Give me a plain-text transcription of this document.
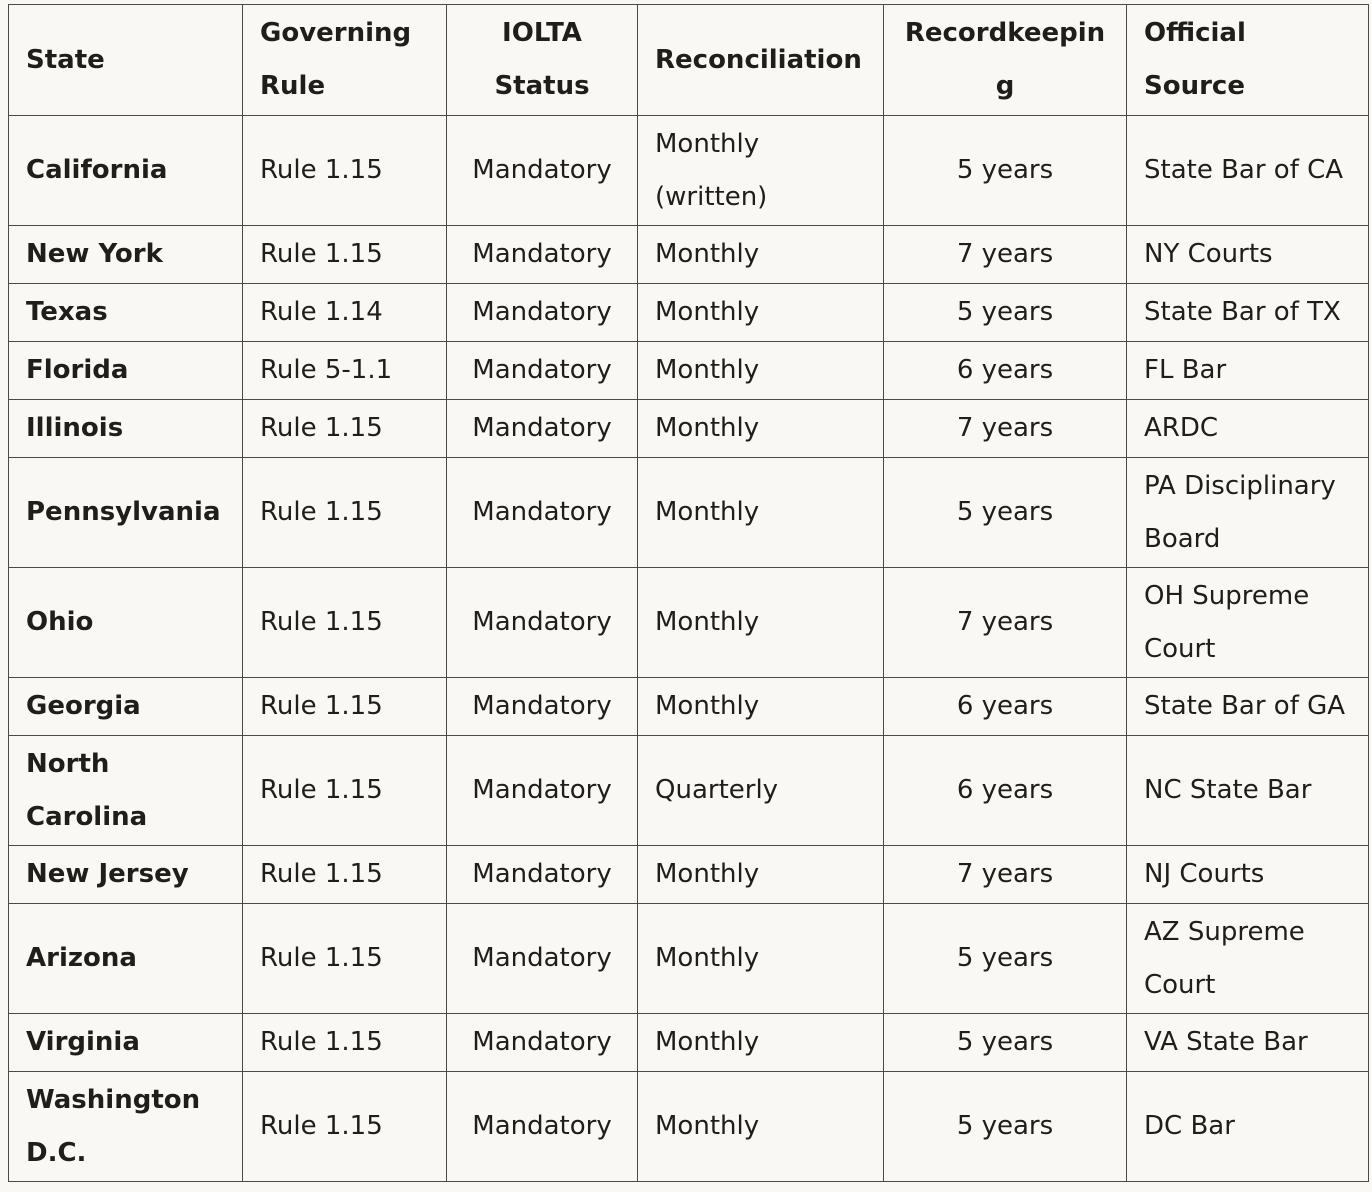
State	Governing Rule	IOLTA Status	Reconciliation	Recordkeeping	Official Source
California	Rule 1.15	Mandatory	Monthly (written)	5 years	State Bar of CA
New York	Rule 1.15	Mandatory	Monthly	7 years	NY Courts
Texas	Rule 1.14	Mandatory	Monthly	5 years	State Bar of TX
Florida	Rule 5-1.1	Mandatory	Monthly	6 years	FL Bar
Illinois	Rule 1.15	Mandatory	Monthly	7 years	ARDC
Pennsylvania	Rule 1.15	Mandatory	Monthly	5 years	PA Disciplinary Board
Ohio	Rule 1.15	Mandatory	Monthly	7 years	OH Supreme Court
Georgia	Rule 1.15	Mandatory	Monthly	6 years	State Bar of GA
North Carolina	Rule 1.15	Mandatory	Quarterly	6 years	NC State Bar
New Jersey	Rule 1.15	Mandatory	Monthly	7 years	NJ Courts
Arizona	Rule 1.15	Mandatory	Monthly	5 years	AZ Supreme Court
Virginia	Rule 1.15	Mandatory	Monthly	5 years	VA State Bar
Washington D.C.	Rule 1.15	Mandatory	Monthly	5 years	DC Bar
